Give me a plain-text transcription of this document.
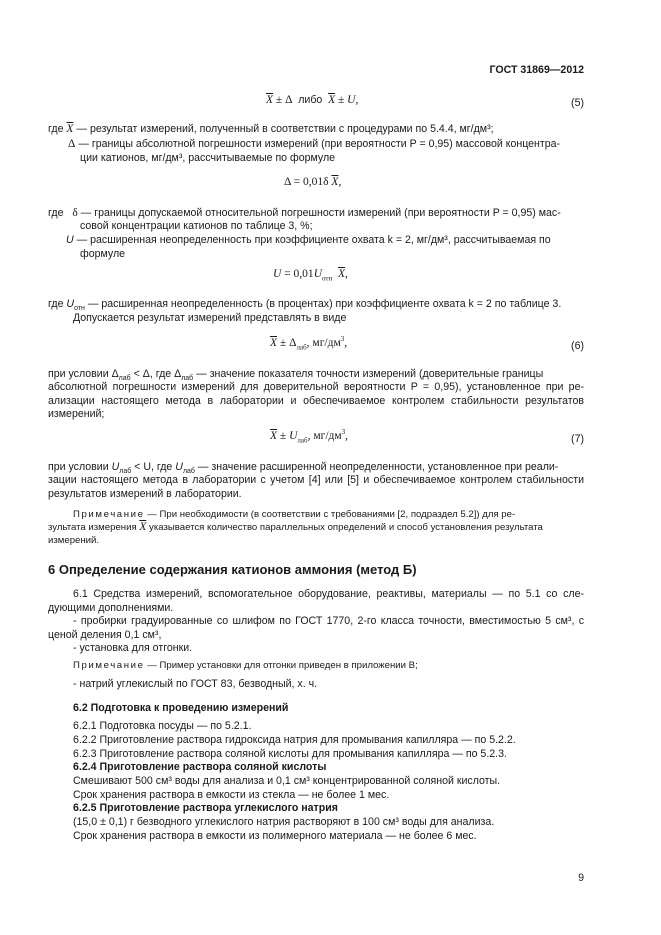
ГОСТ 31869—2012
$\overline{X} \pm \Delta$  либо $\overline{X} \pm U$,	(5)
где $\overline{X}$ — результат измерений, полученный в соответствии с процедурами по 5.4.4, мг/дм³;
Δ — границы абсолютной погрешности измерений (при вероятности P = 0,95) массовой концентра-
ции катионов, мг/дм³, рассчитываемые по формуле
Δ = 0,01δ $\overline{X}$,
где δ — границы допускаемой относительной погрешности измерений (при вероятности P = 0,95) мас-
совой концентрации катионов по таблице 3, %;
U — расширенная неопределенность при коэффициенте охвата k = 2, мг/дм³, рассчитываемая по
формуле
$U = 0,01U_{отн}$ $\overline{X}$,
где $U_{отн}$ — расширенная неопределенность (в процентах) при коэффициенте охвата k = 2 по таблице 3.
Допускается результат измерений представлять в виде
$\overline{X} \pm \Delta_{лаб}$, $мг/дм^3$,	(6)
при условии $\Delta_{лаб} < \Delta$, где $\Delta_{лаб}$ — значение показателя точности измерений (доверительные границы
абсолютной погрешности измерений для доверительной вероятности P = 0,95), установленное при ре- ализации настоящего метода в лаборатории и обеспечиваемое контролем стабильности результатов измерений;
$\overline{X} \pm U_{лаб}$, $мг/дм^3$,	(7)
при условии $U_{лаб} < U$, где $U_{лаб}$ — значение расширенной неопределенности, установленное при реали-
зации настоящего метода в лаборатории с учетом [4] или [5] и обеспечиваемое контролем стабильности результатов измерений в лаборатории.
Примечание — При необходимости (в соответствии с требованиями [2, подраздел 5.2]) для ре-
зультата измерения $\overline{X}$ указывается количество параллельных определений и способ установления результата
измерений.
6 Определение содержания катионов аммония (метод Б)
6.1 Средства измерений, вспомогательное оборудование, реактивы, материалы — по 5.1 со сле- дующими дополнениями.
- пробирки градуированные со шлифом по ГОСТ 1770, 2-го класса точности, вместимостью 5 см³, с ценой деления 0,1 см³,
- установка для отгонки.
Примечание — Пример установки для отгонки приведен в приложении В;
- натрий углекислый по ГОСТ 83, безводный, х. ч.
6.2 Подготовка к проведению измерений
6.2.1 Подготовка посуды — по 5.2.1.
6.2.2 Приготовление раствора гидроксида натрия для промывания капилляра — по 5.2.2.
6.2.3 Приготовление раствора соляной кислоты для промывания капилляра — по 5.2.3.
6.2.4 Приготовление раствора соляной кислоты
Смешивают 500 см³ воды для анализа и 0,1 см³ концентрированной соляной кислоты.
Срок хранения раствора в емкости из стекла — не более 1 мес.
6.2.5 Приготовление раствора углекислого натрия
(15,0 ± 0,1) г безводного углекислого натрия растворяют в 100 см³ воды для анализа.
Срок хранения раствора в емкости из полимерного материала — не более 6 мес.
9
